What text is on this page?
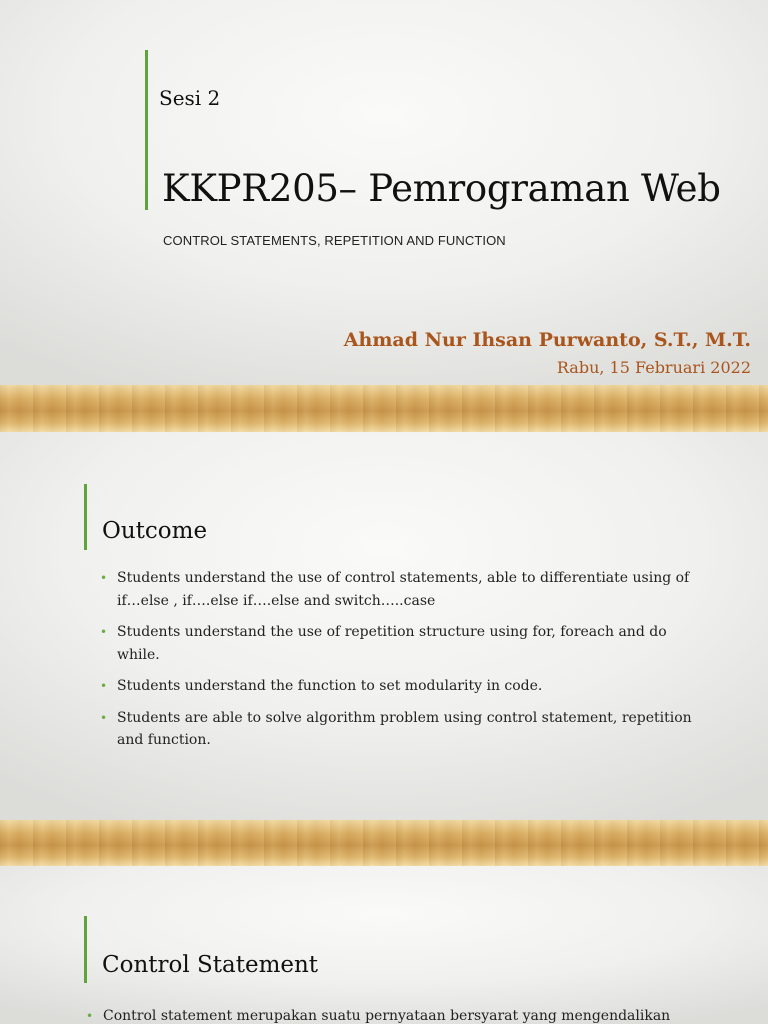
Sesi 2
KKPR205– Pemrograman Web
CONTROL STATEMENTS, REPETITION AND FUNCTION
Ahmad Nur Ihsan Purwanto, S.T., M.T.
Rabu, 15 Februari 2022
Outcome
• Students understand the use of control statements, able to differentiate using of
if…else , if….else if….else and switch…..case
• Students understand the use of repetition structure using for, foreach and do
while.
• Students understand the function to set modularity in code.
• Students are able to solve algorithm problem using control statement, repetition
and function.
Control Statement
• Control statement merupakan suatu pernyataan bersyarat yang mengendalikan
